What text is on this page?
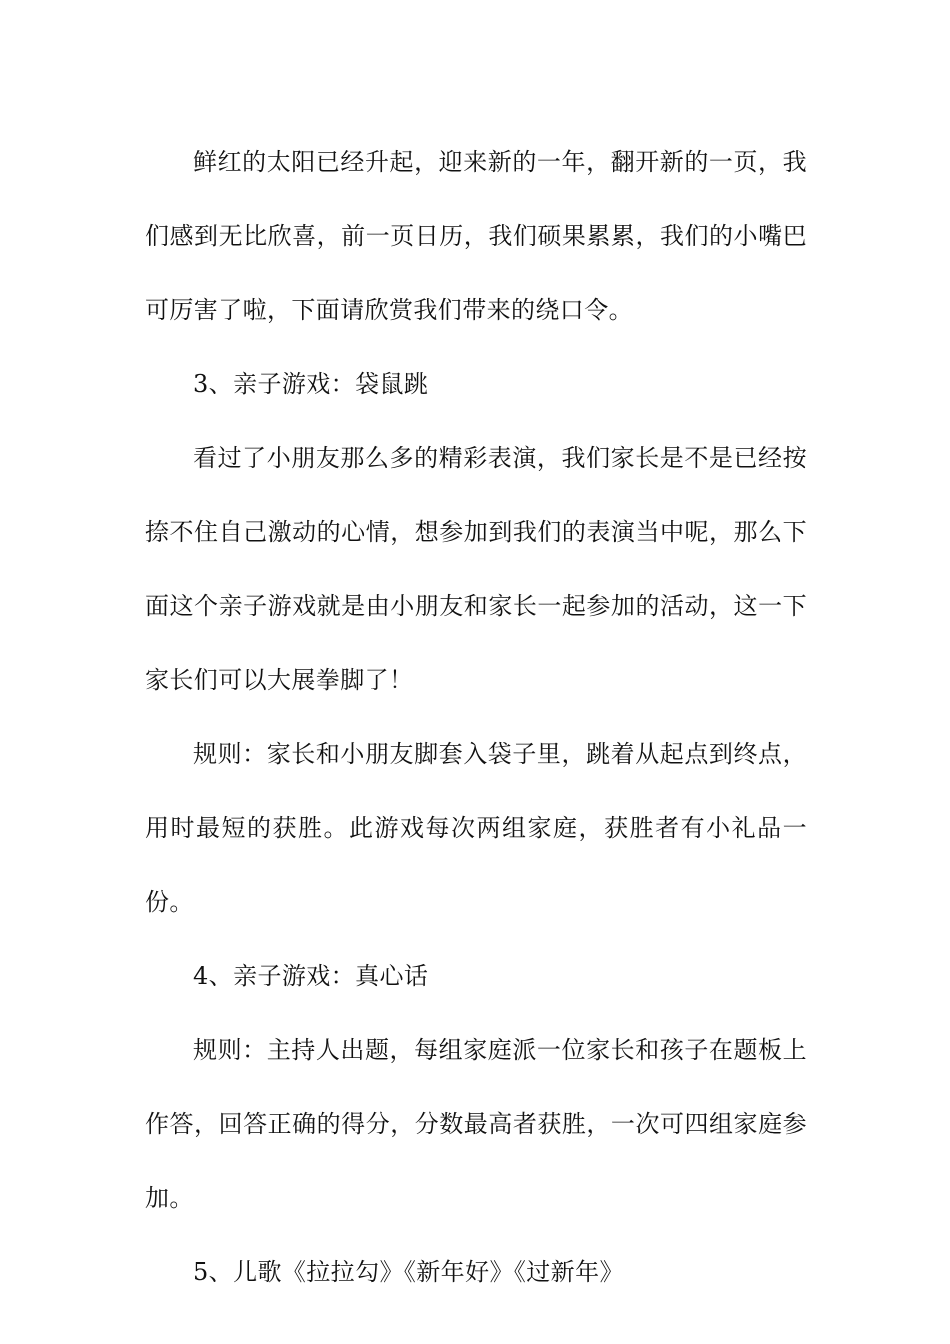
鲜红的太阳已经升起，迎来新的一年，翻开新的一页，我们感到无比欣喜，前一页日历，我们硕果累累，我们的小嘴巴可厉害了啦，下面请欣赏我们带来的绕口令。

3、亲子游戏：袋鼠跳

看过了小朋友那么多的精彩表演，我们家长是不是已经按捺不住自己激动的心情，想参加到我们的表演当中呢，那么下面这个亲子游戏就是由小朋友和家长一起参加的活动，这一下家长们可以大展拳脚了！

规则：家长和小朋友脚套入袋子里，跳着从起点到终点，用时最短的获胜。此游戏每次两组家庭，获胜者有小礼品一份。

4、亲子游戏：真心话

规则：主持人出题，每组家庭派一位家长和孩子在题板上作答，回答正确的得分，分数最高者获胜，一次可四组家庭参加。

5、儿歌《拉拉勾》《新年好》《过新年》
